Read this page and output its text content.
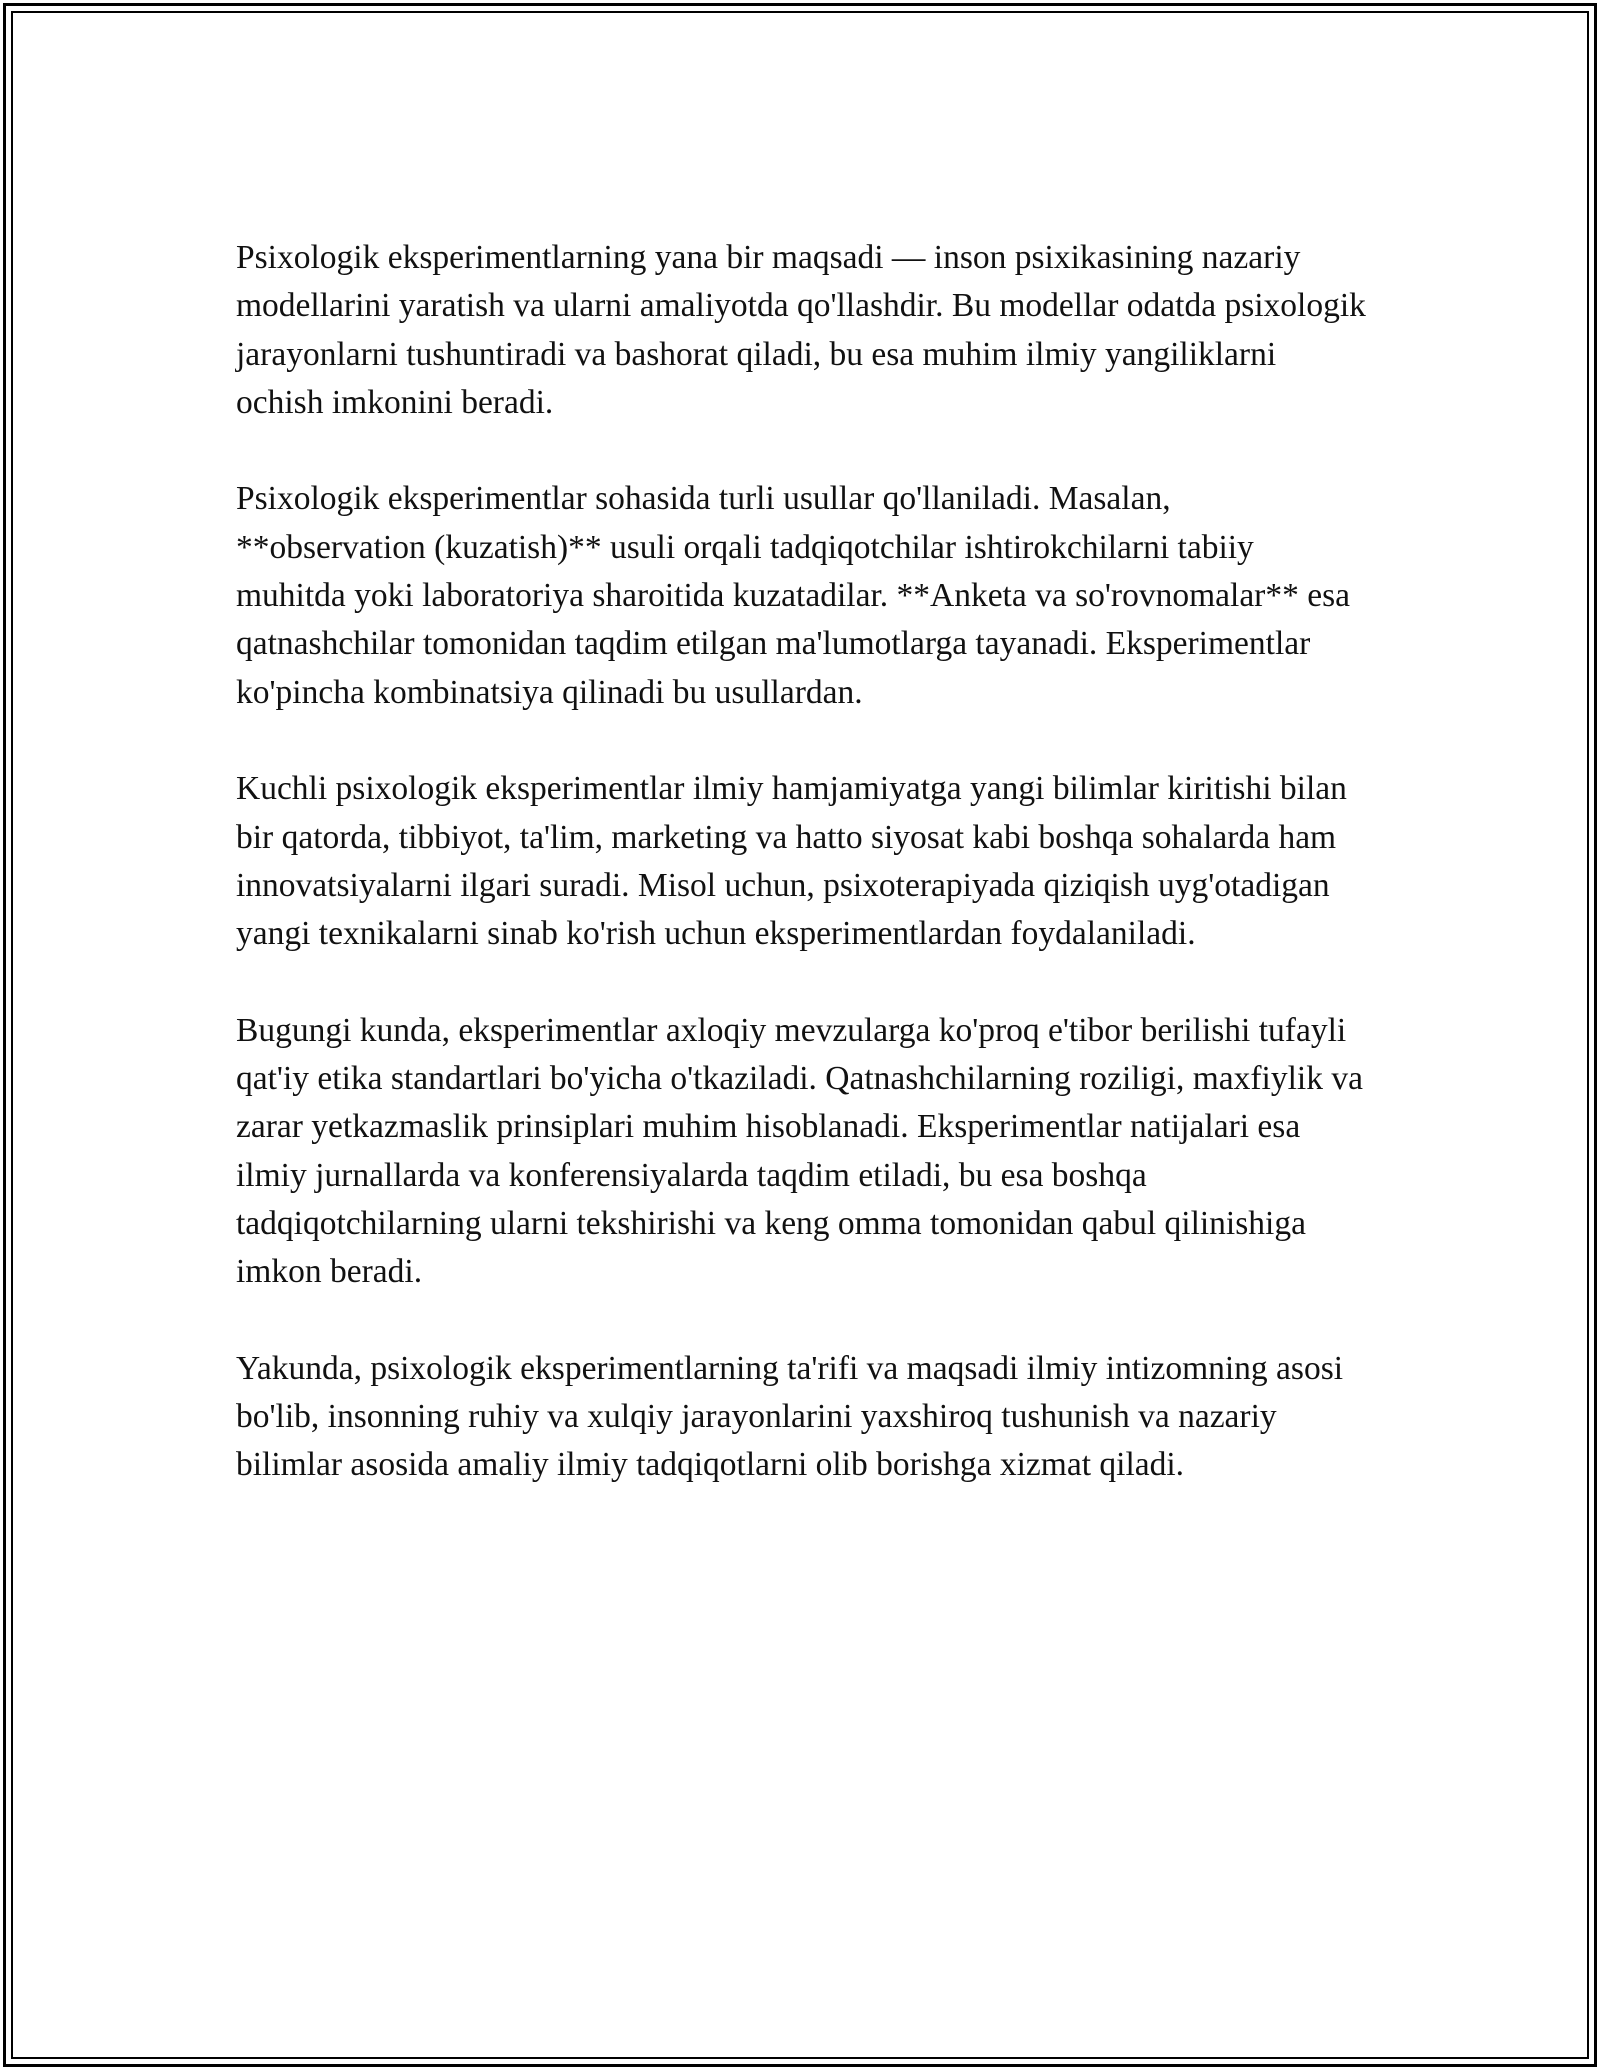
Psixologik eksperimentlarning yana bir maqsadi — inson psixikasining nazariy modellarini yaratish va ularni amaliyotda qo'llashdir. Bu modellar odatda psixologik jarayonlarni tushuntiradi va bashorat qiladi, bu esa muhim ilmiy yangiliklarni ochish imkonini beradi.

Psixologik eksperimentlar sohasida turli usullar qo'llaniladi. Masalan, **observation (kuzatish)** usuli orqali tadqiqotchilar ishtirokchilarni tabiiy muhitda yoki laboratoriya sharoitida kuzatadilar. **Anketa va so'rovnomalar** esa qatnashchilar tomonidan taqdim etilgan ma'lumotlarga tayanadi. Eksperimentlar ko'pincha kombinatsiya qilinadi bu usullardan.

Kuchli psixologik eksperimentlar ilmiy hamjamiyatga yangi bilimlar kiritishi bilan bir qatorda, tibbiyot, ta'lim, marketing va hatto siyosat kabi boshqa sohalarda ham innovatsiyalarni ilgari suradi. Misol uchun, psixoterapiyada qiziqish uyg'otadigan yangi texnikalarni sinab ko'rish uchun eksperimentlardan foydalaniladi.

Bugungi kunda, eksperimentlar axloqiy mevzularga ko'proq e'tibor berilishi tufayli qat'iy etika standartlari bo'yicha o'tkaziladi. Qatnashchilarning roziligi, maxfiylik va zarar yetkazmaslik prinsiplari muhim hisoblanadi. Eksperimentlar natijalari esa ilmiy jurnallarda va konferensiyalarda taqdim etiladi, bu esa boshqa tadqiqotchilarning ularni tekshirishi va keng omma tomonidan qabul qilinishiga imkon beradi.

Yakunda, psixologik eksperimentlarning ta'rifi va maqsadi ilmiy intizomning asosi bo'lib, insonning ruhiy va xulqiy jarayonlarini yaxshiroq tushunish va nazariy bilimlar asosida amaliy ilmiy tadqiqotlarni olib borishga xizmat qiladi.
